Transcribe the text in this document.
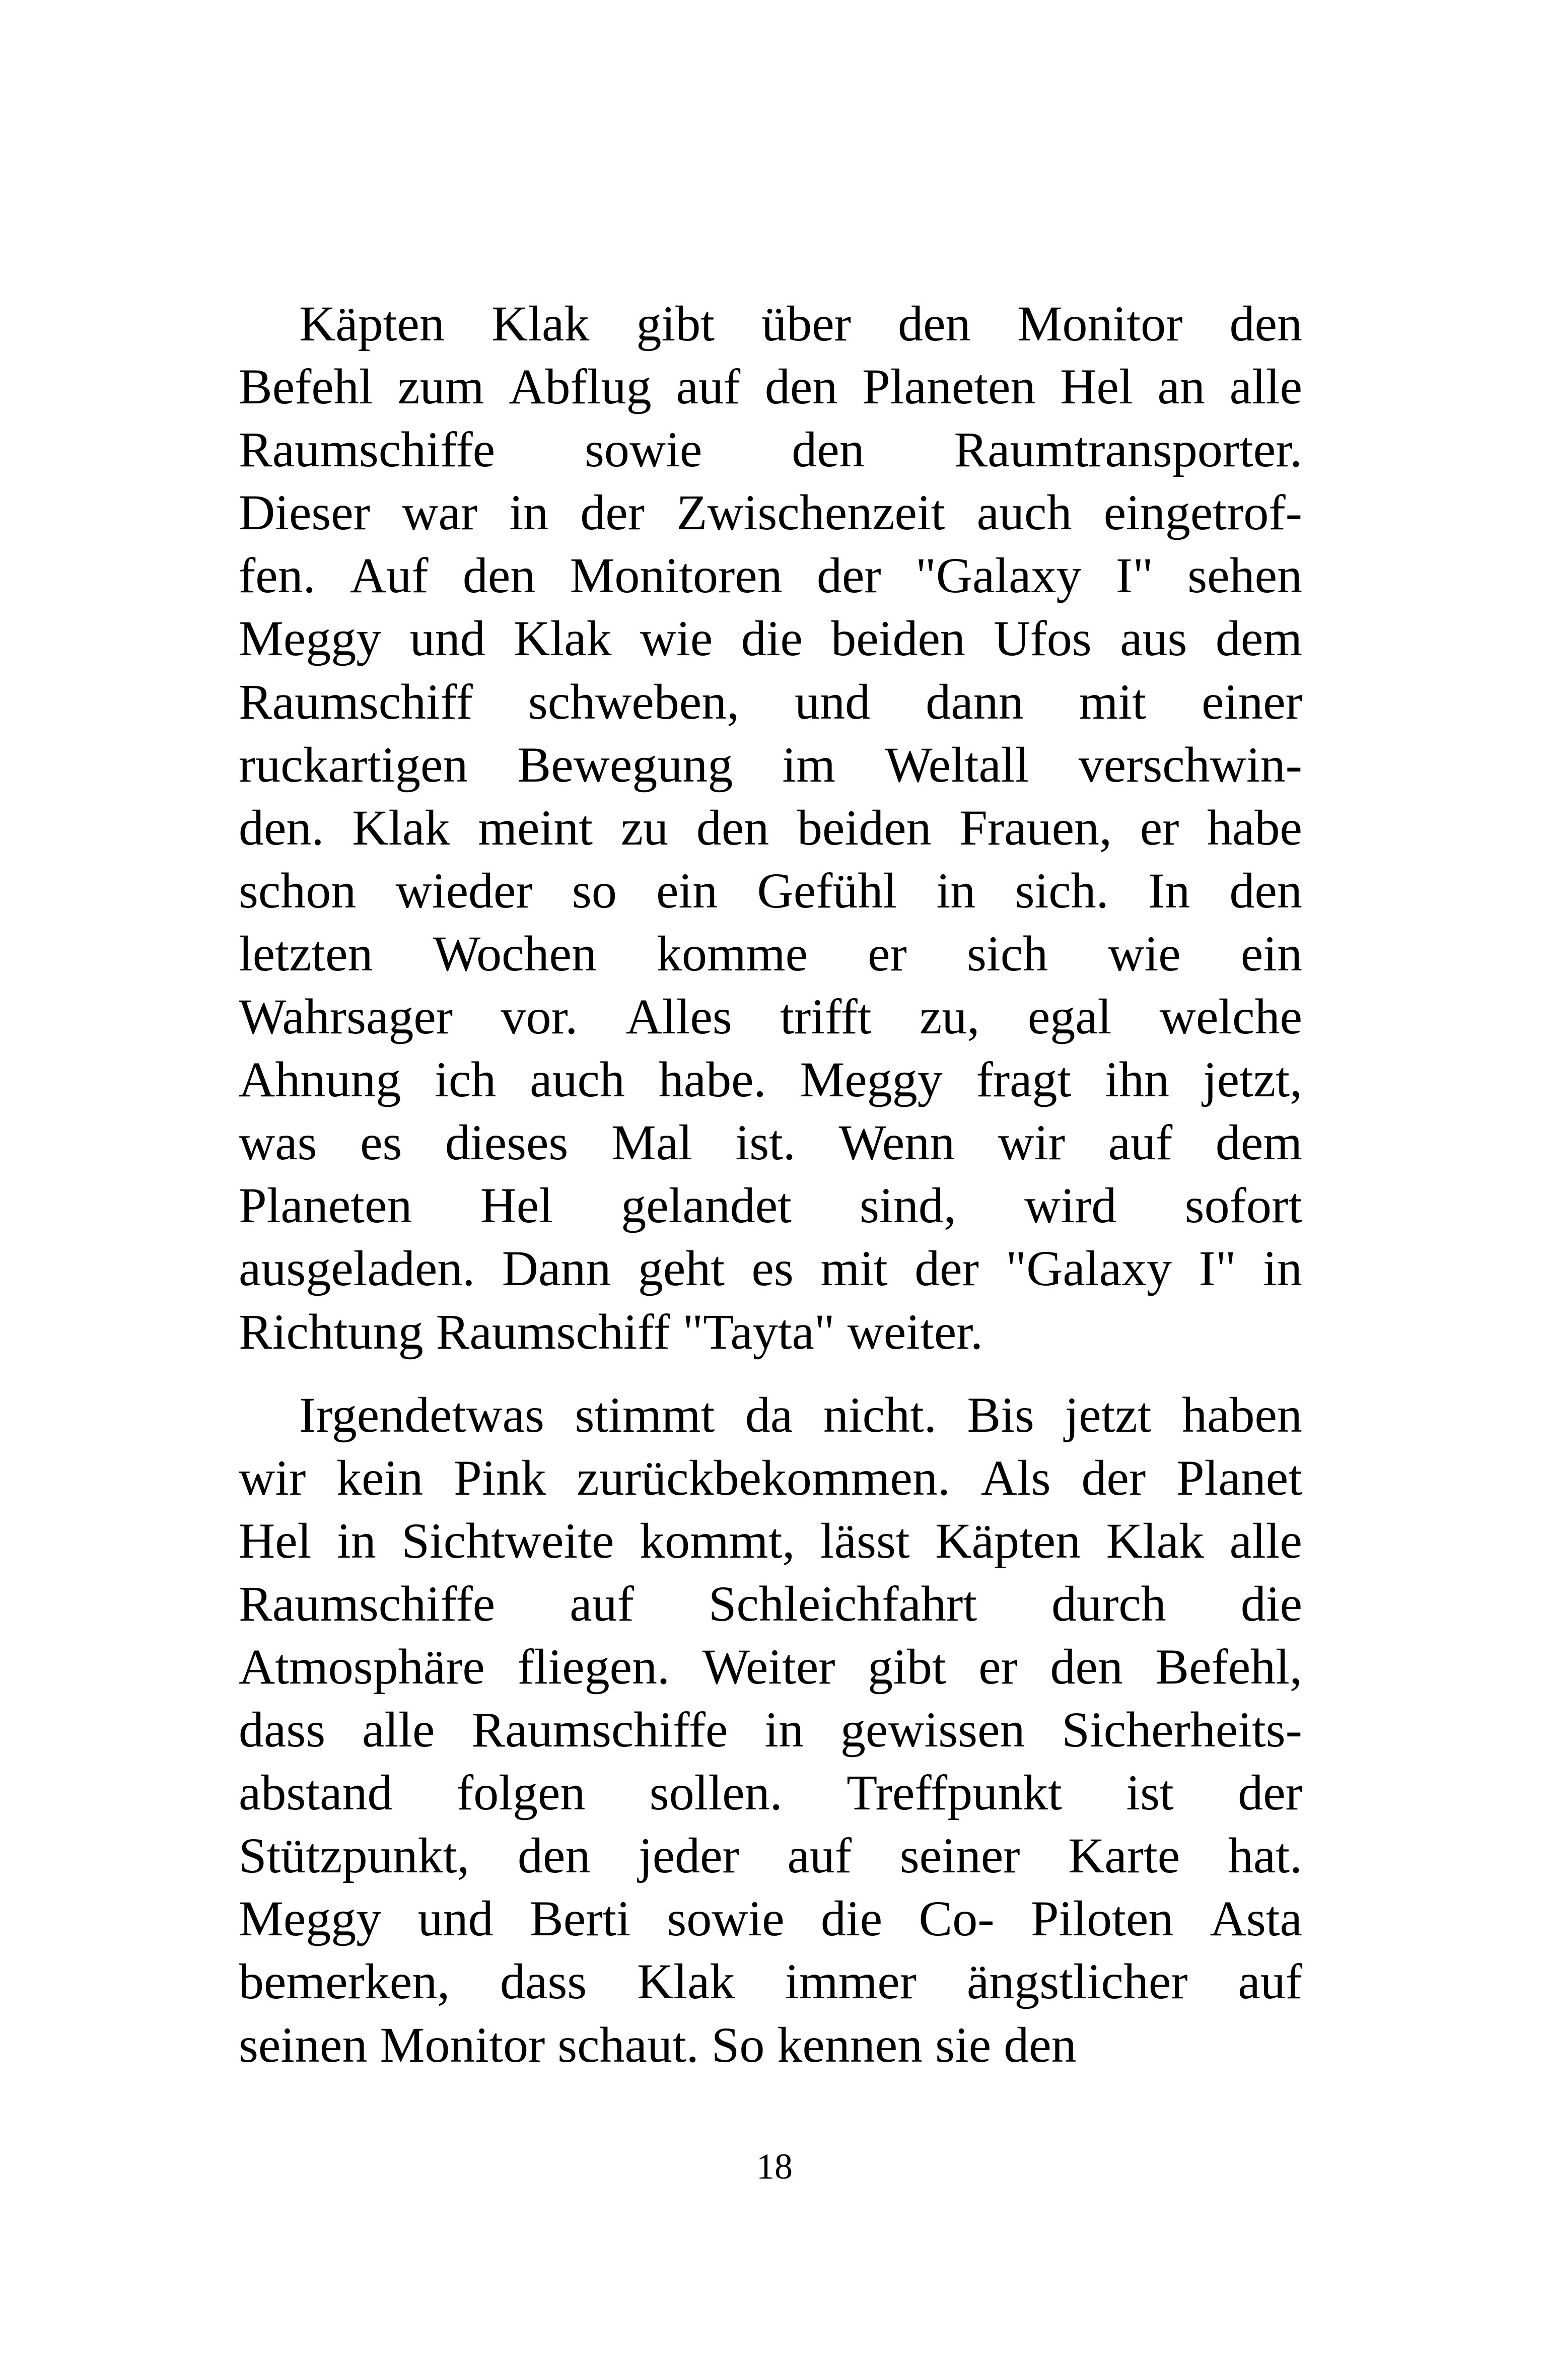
Käpten Klak gibt über den Monitor den
Befehl zum Abflug auf den Planeten Hel an alle
Raumschiffe sowie den Raumtransporter.
Dieser war in der Zwischenzeit auch eingetrof-
fen. Auf den Monitoren der "Galaxy I" sehen
Meggy und Klak wie die beiden Ufos aus dem
Raumschiff schweben, und dann mit einer
ruckartigen Bewegung im Weltall verschwin-
den. Klak meint zu den beiden Frauen, er habe
schon wieder so ein Gefühl in sich. In den
letzten Wochen komme er sich wie ein
Wahrsager vor. Alles trifft zu, egal welche
Ahnung ich auch habe. Meggy fragt ihn jetzt,
was es dieses Mal ist. Wenn wir auf dem
Planeten Hel gelandet sind, wird sofort
ausgeladen. Dann geht es mit der "Galaxy I" in
Richtung Raumschiff "Tayta" weiter.
Irgendetwas stimmt da nicht. Bis jetzt haben
wir kein Pink zurückbekommen. Als der Planet
Hel in Sichtweite kommt, lässt Käpten Klak alle
Raumschiffe auf Schleichfahrt durch die
Atmosphäre fliegen. Weiter gibt er den Befehl,
dass alle Raumschiffe in gewissen Sicherheits-
abstand folgen sollen. Treffpunkt ist der
Stützpunkt, den jeder auf seiner Karte hat.
Meggy und Berti sowie die Co- Piloten Asta
bemerken, dass Klak immer ängstlicher auf
seinen Monitor schaut. So kennen sie den
18
